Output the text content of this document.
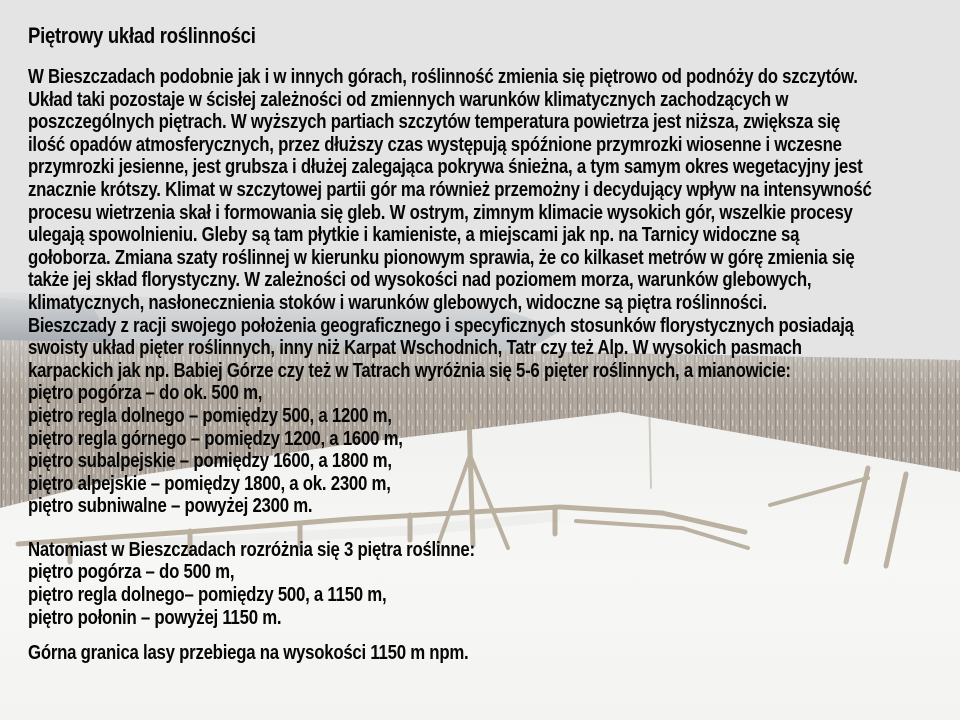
Piętrowy układ roślinności
W Bieszczadach podobnie jak i w innych górach, roślinność zmienia się piętrowo od podnóży do szczytów.
Układ taki pozostaje w ścisłej zależności od zmiennych warunków klimatycznych zachodzących w
poszczególnych piętrach. W wyższych partiach szczytów temperatura powietrza jest niższa, zwiększa się
ilość opadów atmosferycznych, przez dłuższy czas występują spóźnione przymrozki wiosenne i wczesne
przymrozki jesienne, jest grubsza i dłużej zalegająca pokrywa śnieżna, a tym samym okres wegetacyjny jest
znacznie krótszy. Klimat w szczytowej partii gór ma również przemożny i decydujący wpływ na intensywność
procesu wietrzenia skał i formowania się gleb. W ostrym, zimnym klimacie wysokich gór, wszelkie procesy
ulegają spowolnieniu. Gleby są tam płytkie i kamieniste, a miejscami jak np. na Tarnicy widoczne są
gołoborza. Zmiana szaty roślinnej w kierunku pionowym sprawia, że co kilkaset metrów w górę zmienia się
także jej skład florystyczny. W zależności od wysokości nad poziomem morza, warunków glebowych,
klimatycznych, nasłonecznienia stoków i warunków glebowych, widoczne są piętra roślinności.
Bieszczady z racji swojego położenia geograficznego i specyficznych stosunków florystycznych posiadają
swoisty układ pięter roślinnych, inny niż Karpat Wschodnich, Tatr czy też Alp. W wysokich pasmach
karpackich jak np. Babiej Górze czy też w Tatrach wyróżnia się 5-6 pięter roślinnych, a mianowicie:
piętro pogórza – do ok. 500 m,
piętro regla dolnego – pomiędzy 500, a 1200 m,
piętro regla górnego – pomiędzy 1200, a 1600 m,
piętro subalpejskie – pomiędzy 1600, a 1800 m,
piętro alpejskie – pomiędzy 1800, a ok. 2300 m,
piętro subniwalne – powyżej 2300 m.
Natomiast w Bieszczadach rozróżnia się 3 piętra roślinne:
piętro pogórza – do 500 m,
piętro regla dolnego– pomiędzy 500, a 1150 m,
piętro połonin – powyżej 1150 m.
Górna granica lasy przebiega na wysokości 1150 m npm.
